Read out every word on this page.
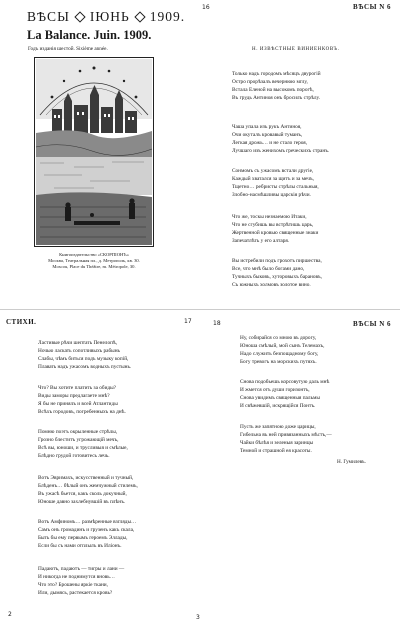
16	ВѢСЫ N 6
ВѢСЫ ІЮНЬ 1909.
La Balance. Juin. 1909.
Годъ изданія шестой. Sixième année.
Книгоиздательство «СКОРПІОНЪ»
Москва, Театральная пл., д. Метрополь, кв. 30.
Moscou, Place du Théâtre, m. Métropole, 30.
Н. ИЗВѢСТНЫЕ ВИНИЕНКОВЪ.
Только надъ городомъ мѣсяцъ двурогій
Остро прорѣзалъ вечернюю мглу,
Встала Еленой на высокомъ порогѣ,
Въ грудь Антиноя онъ бросилъ стрѣлу.
Чаша упала изъ рукъ Антиноя,
Очи окуталъ кровавый туманъ,
Легкая дрожь… и не стало героя,
Лучшаго изъ женихомъ греческихъ странъ.
Сонмомъ съ ужасомъ встали другіе,
Каждый хватался за щитъ и за мечъ,
Тщетно… ребристы стрѣлы стальныя,
Злобно-насмѣшливы царскія рѣчи.
Что же, тоскы незнаемою Итаки,
Что не сгубишь вы встрѣтишь царь,
Жертвенной кровью священные знаки
Запечатлѣть у его алтаря.
Вы истребили подъ грохотъ пиршества,
Все, что мнѣ было богами дано,
Тучныхъ быковъ, хуторовыхъ барановъ,
Съ южныхъ холмовъ золотое вино.
СТИХИ.	17	18	ВѢСЫ N 6
Ластивые рѣчи шептать Пенелопѣ,
Ночью ласкать сопотливыхъ рабынь
Слабы, чѣмъ биться подъ музыку копій,
Плавать надъ ужасомъ водныхъ пустынь.
Что? Вы хотите платить за обиды?
Виды заморы предлагаете мнѣ?
Я бы не принялъ и всей Атлантиды
Всѣхъ городовъ, погребенныхъ на днѣ.
Помню поэтъ окрыленные стрѣлы,
Грозно блеститъ угрожающій мечъ,
Всѣ вы, юноши, и трусливыя и смѣлые,
Блѣдно грудой готовитесь лечь.
Вотъ Эвримахъ, искусственный и тучный,
Блѣденъ… бѣлый онъ жемчужный стилемъ,
Въ ужасѣ бьется, какъ сколь докучный,
Юноше давно захлебнувшій въ плѣнъ.
Вотъ Амфиномъ… размѣренные взгляды…
Самъ онъ громадинъ и грузенъ какъ скала,
Быть бы ему первымъ героемъ Эллады,
Если бы съ нами отплылъ въ Иліонъ.
Падаютъ, падаютъ — тигры и лани —
И никогда не поднимутся вновь…
Что это? Брошены яркіе ткани,
Или, дымясь, растекается кровь?
Ну, собирайся со мною въ дорогу,
Юноша смѣлый, мой сынъ Телемахъ,
Надо служить безпощадному богу,
Богу тревогъ на морскихъ путяхъ.
Снова подобьешь корсовутую даль мнѣ
И жмется отъ души горизонтъ,
Снова увидимъ священныя пальмы
И свѣжевшій, искрящійся Понтъ.
Пусть же запятною доже царицы,
Гибельна въ ней привязанныхъ мѣстъ,—
Чайки бѣлѣя и зеленыя заринцы
Темной и страшной ея красоты.
Н. Гумилевъ.
2	3
